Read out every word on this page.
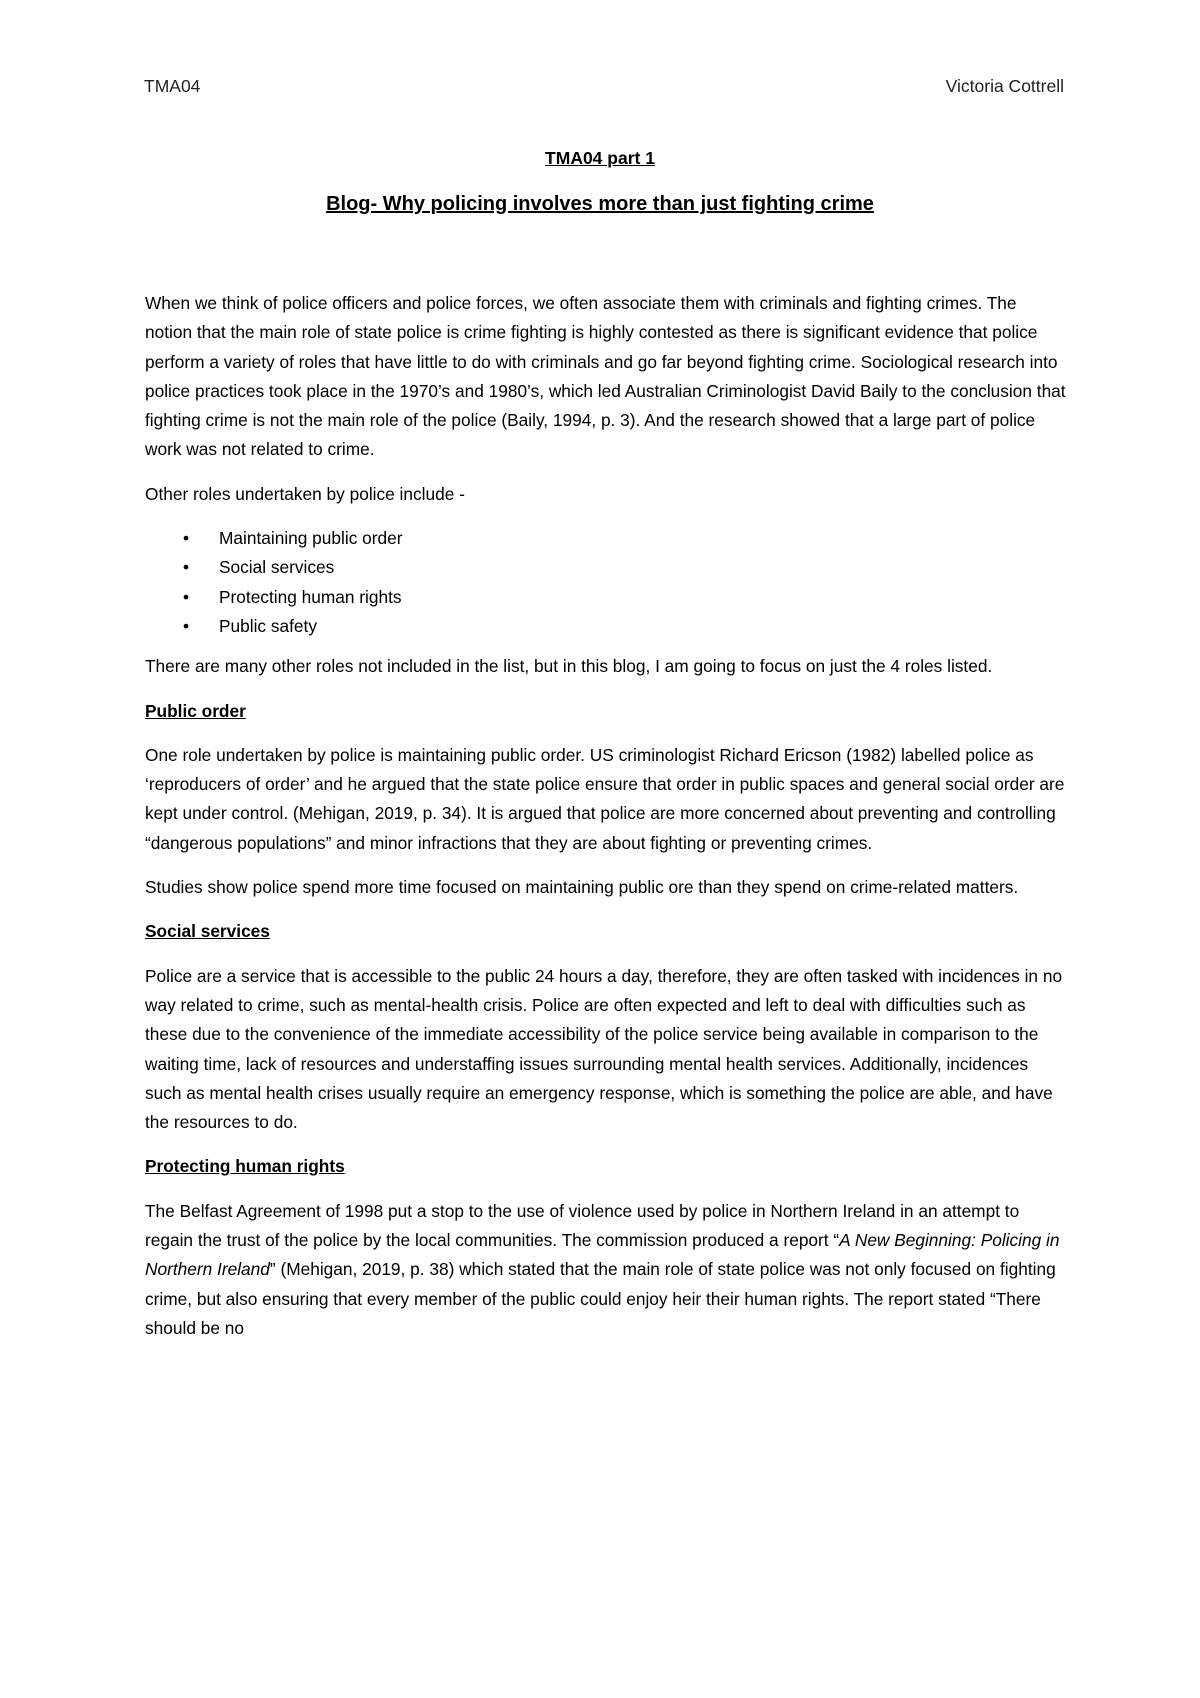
TMA04	Victoria Cottrell
TMA04 part 1
Blog- Why policing involves more than just fighting crime

When we think of police officers and police forces, we often associate them with criminals and fighting crimes. The notion that the main role of state police is crime fighting is highly contested as there is significant evidence that police perform a variety of roles that have little to do with criminals and go far beyond fighting crime. Sociological research into police practices took place in the 1970’s and 1980’s, which led Australian Criminologist David Baily to the conclusion that fighting crime is not the main role of the police (Baily, 1994, p. 3). And the research showed that a large part of police work was not related to crime.

Other roles undertaken by police include -

• Maintaining public order
• Social services
• Protecting human rights
• Public safety

There are many other roles not included in the list, but in this blog, I am going to focus on just the 4 roles listed.

Public order

One role undertaken by police is maintaining public order. US criminologist Richard Ericson (1982) labelled police as ‘reproducers of order’ and he argued that the state police ensure that order in public spaces and general social order are kept under control. (Mehigan, 2019, p. 34). It is argued that police are more concerned about preventing and controlling “dangerous populations” and minor infractions that they are about fighting or preventing crimes.

Studies show police spend more time focused on maintaining public ore than they spend on crime-related matters.

Social services

Police are a service that is accessible to the public 24 hours a day, therefore, they are often tasked with incidences in no way related to crime, such as mental-health crisis. Police are often expected and left to deal with difficulties such as these due to the convenience of the immediate accessibility of the police service being available in comparison to the waiting time, lack of resources and understaffing issues surrounding mental health services. Additionally, incidences such as mental health crises usually require an emergency response, which is something the police are able, and have the resources to do.

Protecting human rights

The Belfast Agreement of 1998 put a stop to the use of violence used by police in Northern Ireland in an attempt to regain the trust of the police by the local communities. The commission produced a report “A New Beginning: Policing in Northern Ireland” (Mehigan, 2019, p. 38) which stated that the main role of state police was not only focused on fighting crime, but also ensuring that every member of the public could enjoy heir their human rights. The report stated “There should be no
